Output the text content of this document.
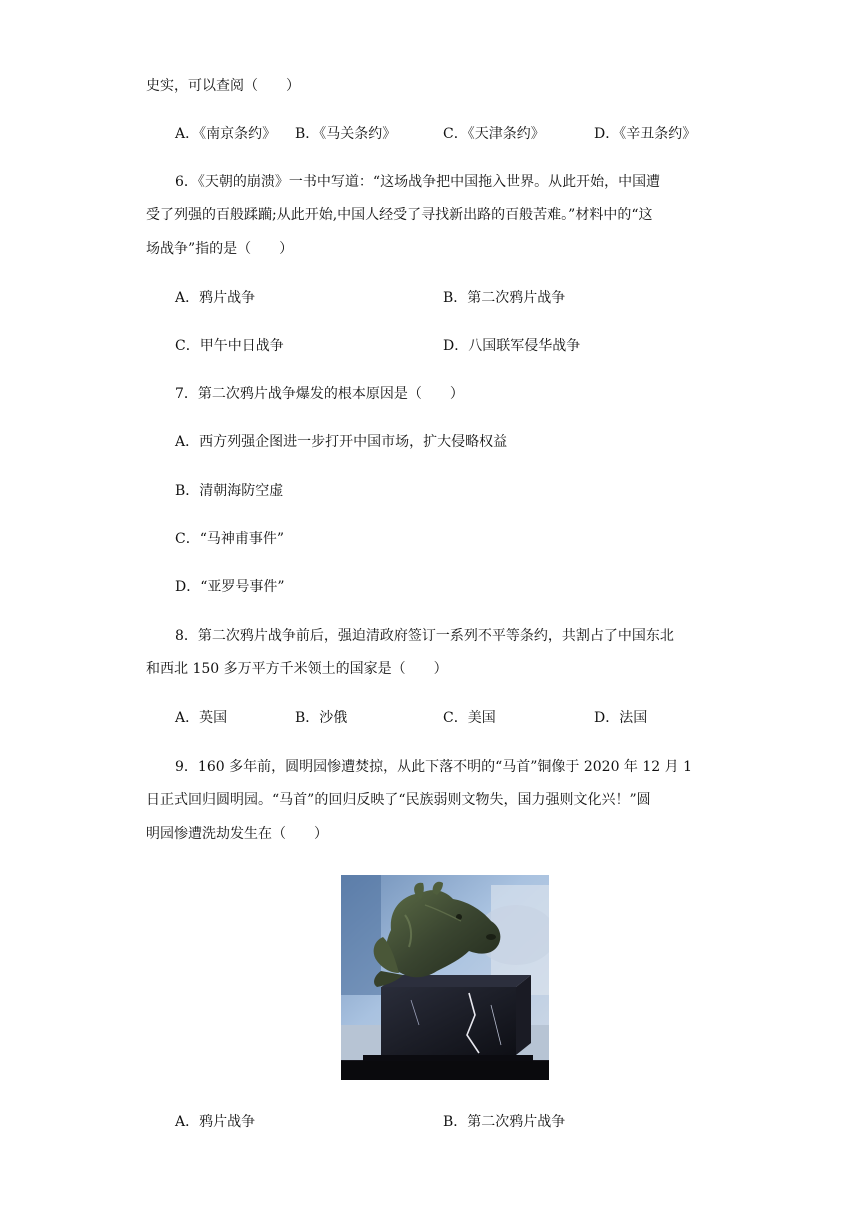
史实，可以查阅（　　）
A．《南京条约》 B．《马关条约》	C．《天津条约》	D．《辛丑条约》
6．《天朝的崩溃》一书中写道：“这场战争把中国拖入世界。从此开始，中国遭
受了列强的百般蹂躏;从此开始,中国人经受了寻找新出路的百般苦难。”材料中的“这
场战争”指的是（　　）
A．鸦片战争	B．第二次鸦片战争
C．甲午中日战争	D．八国联军侵华战争
7．第二次鸦片战争爆发的根本原因是（　　）
A．西方列强企图进一步打开中国市场，扩大侵略权益
B．清朝海防空虚
C．“马神甫事件”
D．“亚罗号事件”
8．第二次鸦片战争前后，强迫清政府签订一系列不平等条约，共割占了中国东北
和西北 150 多万平方千米领土的国家是（　　）
A．英国	B．沙俄	C．美国	D．法国
9．160 多年前，圆明园惨遭焚掠，从此下落不明的“马首”铜像于 2020 年 12 月 1
日正式回归圆明园。“马首”的回归反映了“民族弱则文物失，国力强则文化兴！”圆
明园惨遭洗劫发生在（　　）
A．鸦片战争	B．第二次鸦片战争
